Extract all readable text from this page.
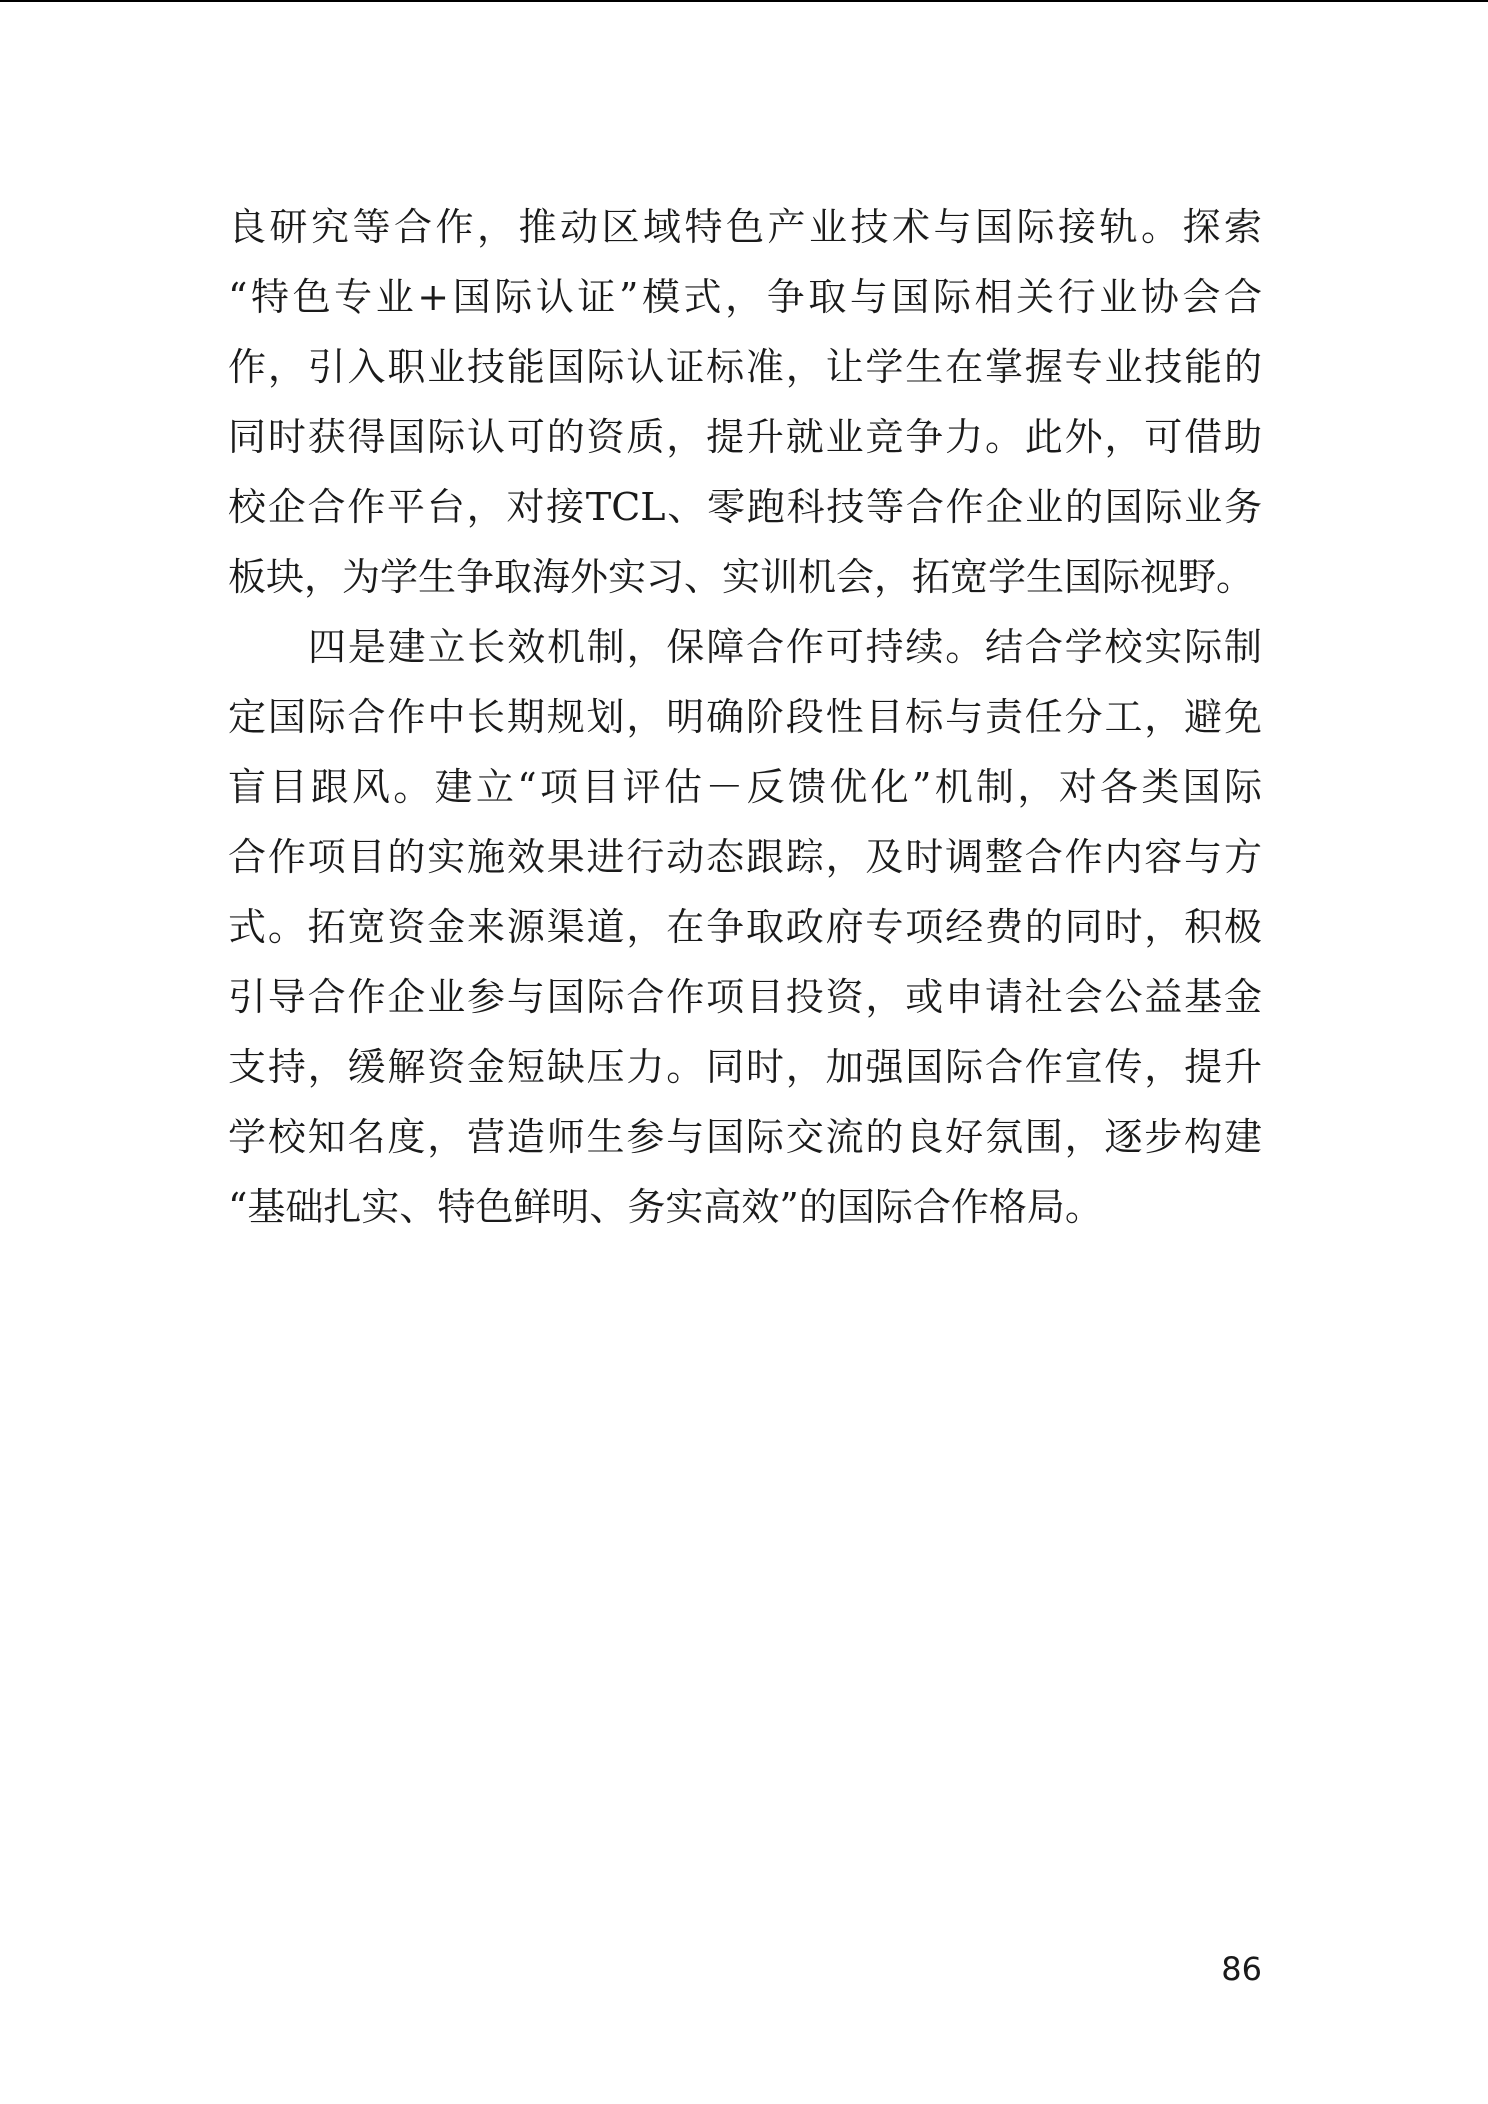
良研究等合作，推动区域特色产业技术与国际接轨。探索
“特色专业+国际认证”模式，争取与国际相关行业协会合
作，引入职业技能国际认证标准，让学生在掌握专业技能的
同时获得国际认可的资质，提升就业竞争力。此外，可借助
校企合作平台，对接TCL、零跑科技等合作企业的国际业务
板块，为学生争取海外实习、实训机会，拓宽学生国际视野。
四是建立长效机制，保障合作可持续。结合学校实际制
定国际合作中长期规划，明确阶段性目标与责任分工，避免
盲目跟风。建立“项目评估－反馈优化”机制，对各类国际
合作项目的实施效果进行动态跟踪，及时调整合作内容与方
式。拓宽资金来源渠道，在争取政府专项经费的同时，积极
引导合作企业参与国际合作项目投资，或申请社会公益基金
支持，缓解资金短缺压力。同时，加强国际合作宣传，提升
学校知名度，营造师生参与国际交流的良好氛围，逐步构建
“基础扎实、特色鲜明、务实高效”的国际合作格局。
86
